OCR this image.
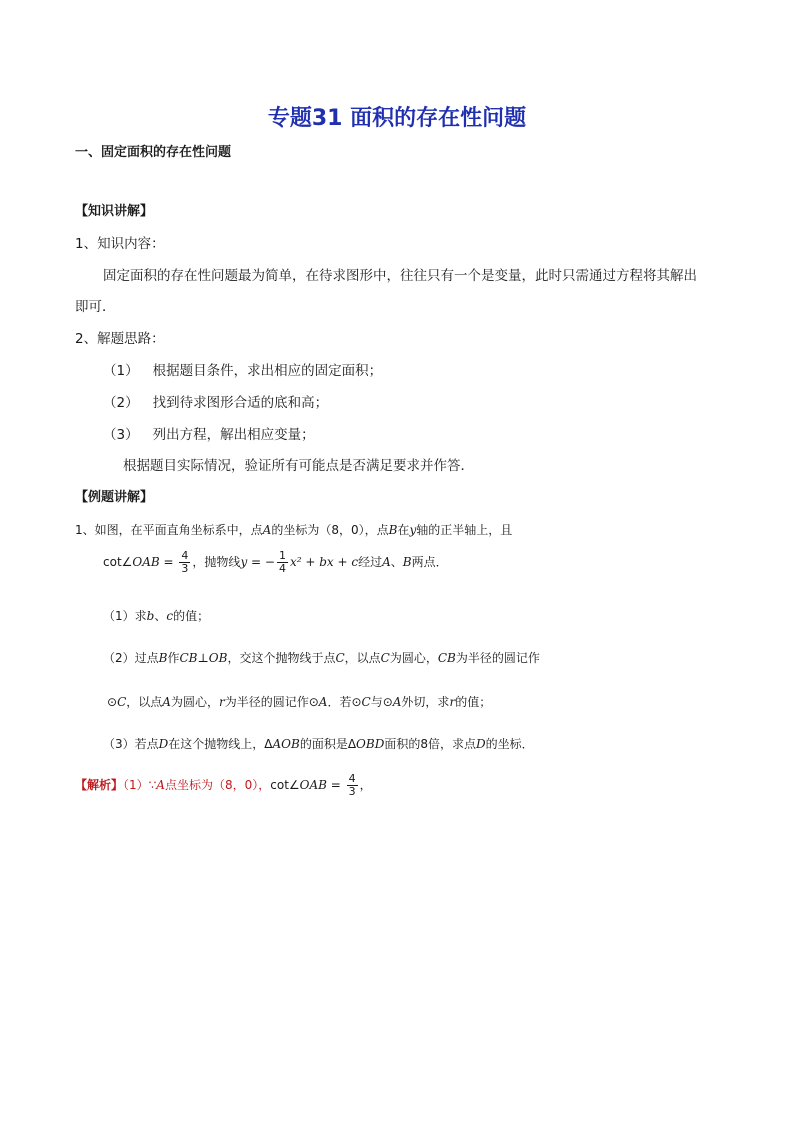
专题31 面积的存在性问题
一、固定面积的存在性问题
【知识讲解】
1、知识内容：
固定面积的存在性问题最为简单，在待求图形中，往往只有一个是变量，此时只需通过方程将其解出
即可．
2、解题思路：
（1） 根据题目条件，求出相应的固定面积；
（2） 找到待求图形合适的底和高；
（3） 列出方程，解出相应变量；
根据题目实际情况，验证所有可能点是否满足要求并作答．
【例题讲解】
1、如图，在平面直角坐标系中，点A的坐标为（8，0），点B在y轴的正半轴上，且
cot∠OAB = $\frac{4}{3}$ ，抛物线y = − $\frac{1}{4} x^2$ + bx + c经过A、B两点．
（1）求b、c的值；
（2）过点B作CB⊥OB，交这个抛物线于点C，以点C为圆心，CB为半径的圆记作
⊙C，以点A为圆心，r为半径的圆记作⊙A．若⊙C与⊙A外切，求r的值；
（3）若点D在这个抛物线上，ΔAOB的面积是ΔOBD面积的8倍，求点D的坐标．
【解析】（1）∵A点坐标为（8，0），cot∠OAB = $\frac{4}{3}$ ，
